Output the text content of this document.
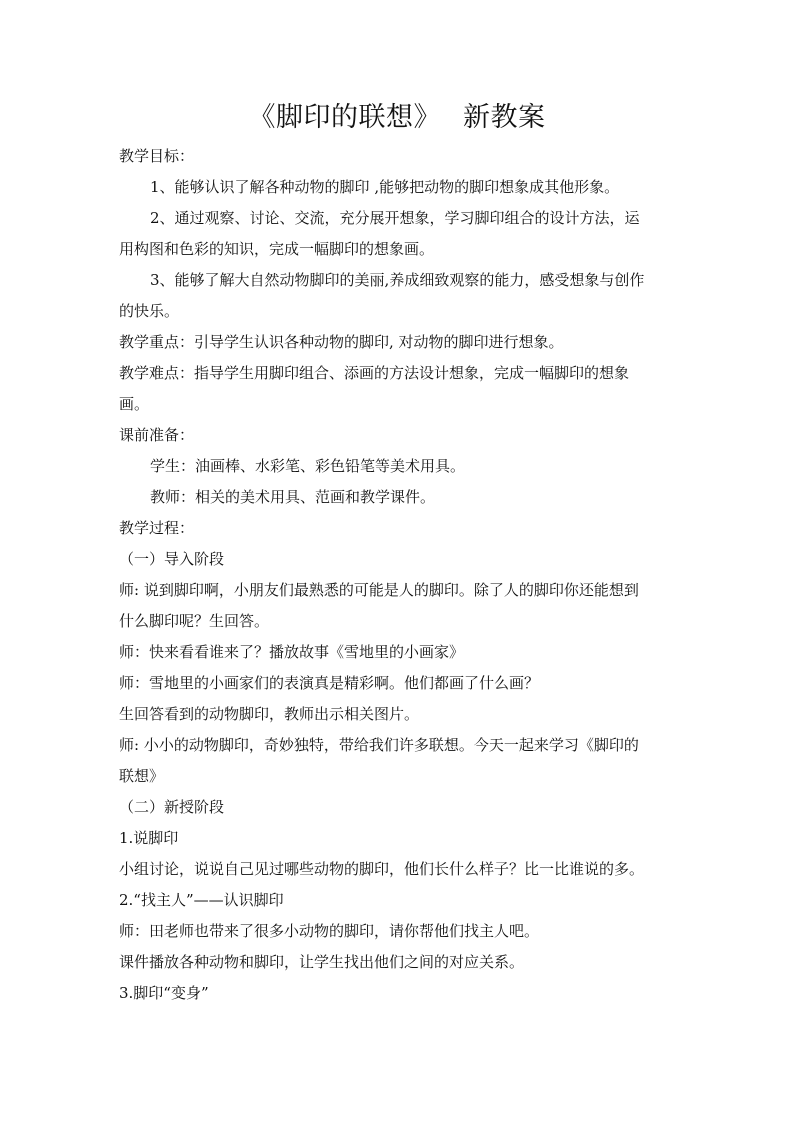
《脚印的联想》 新教案

教学目标：

1、能够认识了解各种动物的脚印 ,能够把动物的脚印想象成其他形象。

2、通过观察、讨论、交流，充分展开想象，学习脚印组合的设计方法，运

用构图和色彩的知识，完成一幅脚印的想象画。

3、能够了解大自然动物脚印的美丽,养成细致观察的能力，感受想象与创作

的快乐。

教学重点：引导学生认识各种动物的脚印, 对动物的脚印进行想象。

教学难点：指导学生用脚印组合、添画的方法设计想象，完成一幅脚印的想象

画。

课前准备：

学生：油画棒、水彩笔、彩色铅笔等美术用具。

教师：相关的美术用具、范画和教学课件。

教学过程：

（一）导入阶段

师: 说到脚印啊，小朋友们最熟悉的可能是人的脚印。除了人的脚印你还能想到

什么脚印呢？生回答。

师：快来看看谁来了？播放故事《雪地里的小画家》

师：雪地里的小画家们的表演真是精彩啊。他们都画了什么画？

生回答看到的动物脚印，教师出示相关图片。

师: 小小的动物脚印，奇妙独特，带给我们许多联想。今天一起来学习《脚印的

联想》

（二）新授阶段

1.说脚印

小组讨论，说说自己见过哪些动物的脚印，他们长什么样子？比一比谁说的多。

2.“找主人”——认识脚印

师：田老师也带来了很多小动物的脚印，请你帮他们找主人吧。

课件播放各种动物和脚印，让学生找出他们之间的对应关系。

3.脚印“变身”
